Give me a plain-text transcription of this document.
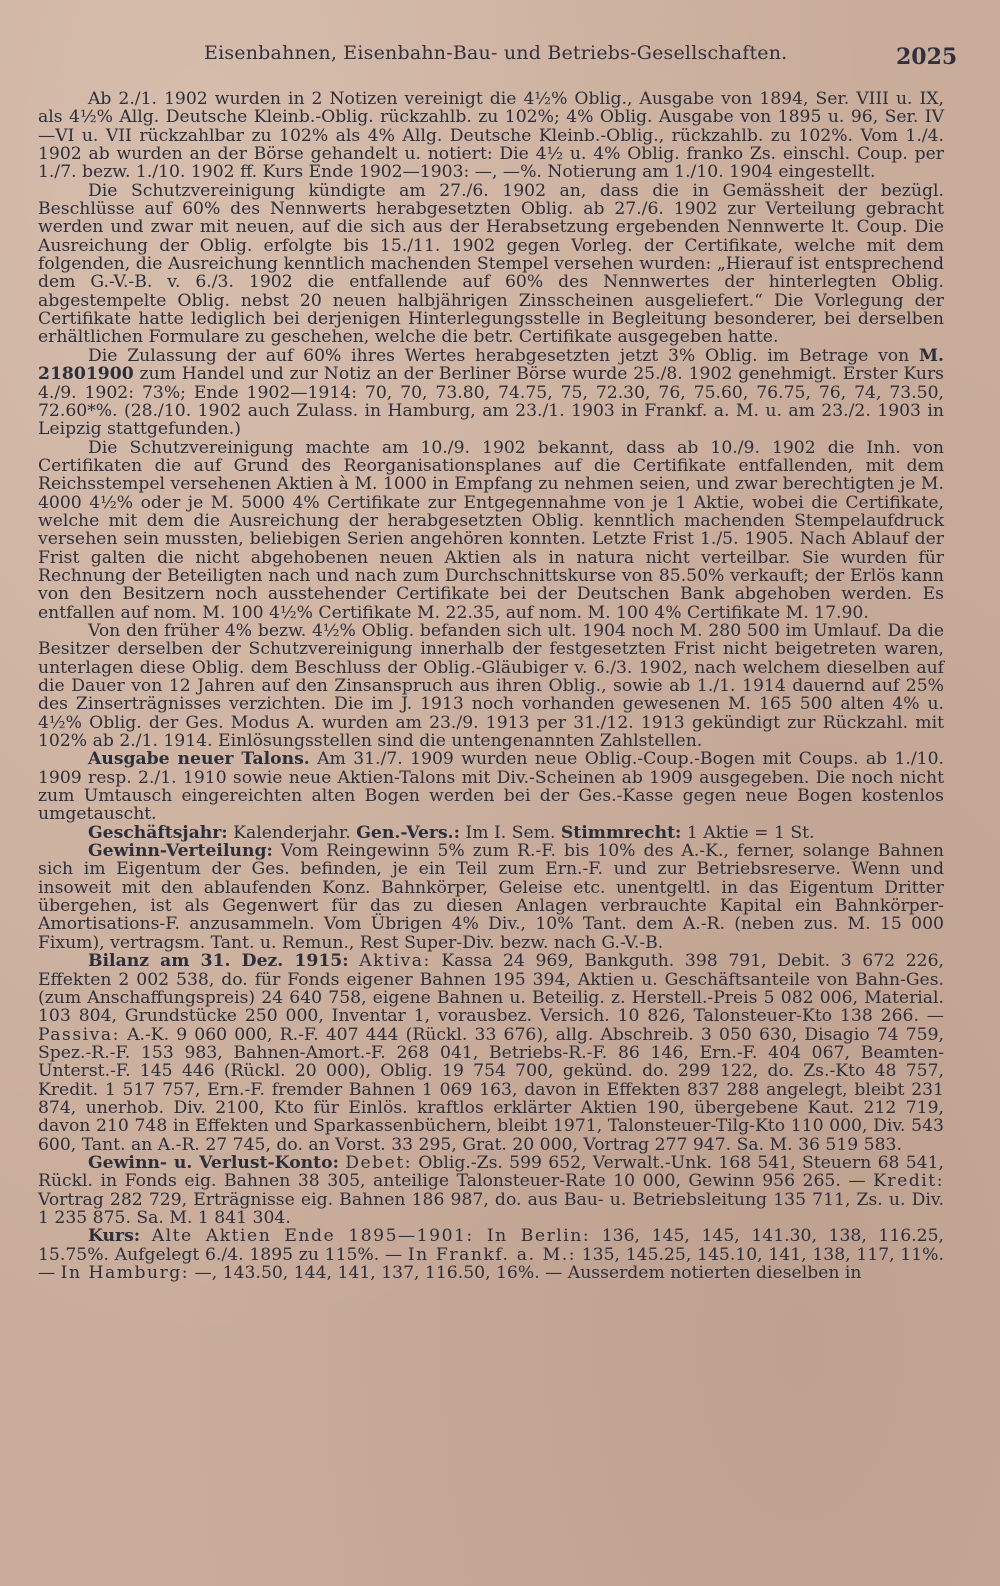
Eisenbahnen, Eisenbahn-Bau- und Betriebs-Gesellschaften.	2025

Ab 2./1. 1902 wurden in 2 Notizen vereinigt die 4½% Oblig., Ausgabe von 1894, Ser. VIII u. IX, als 4½% Allg. Deutsche Kleinb.-Oblig. rückzahlb. zu 102%; 4% Oblig. Ausgabe von 1895 u. 96, Ser. IV—VI u. VII rückzahlbar zu 102% als 4% Allg. Deutsche Kleinb.-Oblig., rückzahlb. zu 102%. Vom 1./4. 1902 ab wurden an der Börse gehandelt u. notiert: Die 4½ u. 4% Oblig. franko Zs. einschl. Coup. per 1./7. bezw. 1./10. 1902 ff. Kurs Ende 1902—1903: —, —%. Notierung am 1./10. 1904 eingestellt.

Die Schutzvereinigung kündigte am 27./6. 1902 an, dass die in Gemässheit der bezügl. Beschlüsse auf 60% des Nennwerts herabgesetzten Oblig. ab 27./6. 1902 zur Verteilung gebracht werden und zwar mit neuen, auf die sich aus der Herabsetzung ergebenden Nennwerte lt. Coup. Die Ausreichung der Oblig. erfolgte bis 15./11. 1902 gegen Vorleg. der Certifikate, welche mit dem folgenden, die Ausreichung kenntlich machenden Stempel versehen wurden: „Hierauf ist entsprechend dem G.-V.-B. v. 6./3. 1902 die entfallende auf 60% des Nennwertes der hinterlegten Oblig. abgestempelte Oblig. nebst 20 neuen halbjährigen Zinsscheinen ausgeliefert.“ Die Vorlegung der Certifikate hatte lediglich bei derjenigen Hinterlegungsstelle in Begleitung besonderer, bei derselben erhältlichen Formulare zu geschehen, welche die betr. Certifikate ausgegeben hatte.

Die Zulassung der auf 60% ihres Wertes herabgesetzten jetzt 3% Oblig. im Betrage von M. 21801900 zum Handel und zur Notiz an der Berliner Börse wurde 25./8. 1902 genehmigt. Erster Kurs 4./9. 1902: 73%; Ende 1902—1914: 70, 70, 73.80, 74.75, 75, 72.30, 76, 75.60, 76.75, 76, 74, 73.50, 72.60*%. (28./10. 1902 auch Zulass. in Hamburg, am 23./1. 1903 in Frankf. a. M. u. am 23./2. 1903 in Leipzig stattgefunden.)

Die Schutzvereinigung machte am 10./9. 1902 bekannt, dass ab 10./9. 1902 die Inh. von Certifikaten die auf Grund des Reorganisationsplanes auf die Certifikate entfallenden, mit dem Reichsstempel versehenen Aktien à M. 1000 in Empfang zu nehmen seien, und zwar berechtigten je M. 4000 4½% oder je M. 5000 4% Certifikate zur Entgegennahme von je 1 Aktie, wobei die Certifikate, welche mit dem die Ausreichung der herabgesetzten Oblig. kenntlich machenden Stempelaufdruck versehen sein mussten, beliebigen Serien angehören konnten. Letzte Frist 1./5. 1905. Nach Ablauf der Frist galten die nicht abgehobenen neuen Aktien als in natura nicht verteilbar. Sie wurden für Rechnung der Beteiligten nach und nach zum Durchschnittskurse von 85.50% verkauft; der Erlös kann von den Besitzern noch ausstehender Certifikate bei der Deutschen Bank abgehoben werden. Es entfallen auf nom. M. 100 4½% Certifikate M. 22.35, auf nom. M. 100 4% Certifikate M. 17.90.

Von den früher 4% bezw. 4½% Oblig. befanden sich ult. 1904 noch M. 280 500 im Umlauf. Da die Besitzer derselben der Schutzvereinigung innerhalb der festgesetzten Frist nicht beigetreten waren, unterlagen diese Oblig. dem Beschluss der Oblig.-Gläubiger v. 6./3. 1902, nach welchem dieselben auf die Dauer von 12 Jahren auf den Zinsanspruch aus ihren Oblig., sowie ab 1./1. 1914 dauernd auf 25% des Zinserträgnisses verzichten. Die im J. 1913 noch vorhanden gewesenen M. 165 500 alten 4% u. 4½% Oblig. der Ges. Modus A. wurden am 23./9. 1913 per 31./12. 1913 gekündigt zur Rückzahl. mit 102% ab 2./1. 1914. Einlösungsstellen sind die untengenannten Zahlstellen.

Ausgabe neuer Talons. Am 31./7. 1909 wurden neue Oblig.-Coup.-Bogen mit Coups. ab 1./10. 1909 resp. 2./1. 1910 sowie neue Aktien-Talons mit Div.-Scheinen ab 1909 ausgegeben. Die noch nicht zum Umtausch eingereichten alten Bogen werden bei der Ges.-Kasse gegen neue Bogen kostenlos umgetauscht.

Geschäftsjahr: Kalenderjahr. Gen.-Vers.: Im I. Sem. Stimmrecht: 1 Aktie = 1 St.

Gewinn-Verteilung: Vom Reingewinn 5% zum R.-F. bis 10% des A.-K., ferner, solange Bahnen sich im Eigentum der Ges. befinden, je ein Teil zum Ern.-F. und zur Betriebsreserve. Wenn und insoweit mit den ablaufenden Konz. Bahnkörper, Geleise etc. unentgeltl. in das Eigentum Dritter übergehen, ist als Gegenwert für das zu diesen Anlagen verbrauchte Kapital ein Bahnkörper-Amortisations-F. anzusammeln. Vom Übrigen 4% Div., 10% Tant. dem A.-R. (neben zus. M. 15 000 Fixum), vertragsm. Tant. u. Remun., Rest Super-Div. bezw. nach G.-V.-B.

Bilanz am 31. Dez. 1915: Aktiva: Kassa 24 969, Bankguth. 398 791, Debit. 3 672 226, Effekten 2 002 538, do. für Fonds eigener Bahnen 195 394, Aktien u. Geschäftsanteile von Bahn-Ges. (zum Anschaffungspreis) 24 640 758, eigene Bahnen u. Beteilig. z. Herstell.-Preis 5 082 006, Material. 103 804, Grundstücke 250 000, Inventar 1, vorausbez. Versich. 10 826, Talonsteuer-Kto 138 266. — Passiva: A.-K. 9 060 000, R.-F. 407 444 (Rückl. 33 676), allg. Abschreib. 3 050 630, Disagio 74 759, Spez.-R.-F. 153 983, Bahnen-Amort.-F. 268 041, Betriebs-R.-F. 86 146, Ern.-F. 404 067, Beamten-Unterst.-F. 145 446 (Rückl. 20 000), Oblig. 19 754 700, gekünd. do. 299 122, do. Zs.-Kto 48 757, Kredit. 1 517 757, Ern.-F. fremder Bahnen 1 069 163, davon in Effekten 837 288 angelegt, bleibt 231 874, unerhob. Div. 2100, Kto für Einlös. kraftlos erklärter Aktien 190, übergebene Kaut. 212 719, davon 210 748 in Effekten und Sparkassenbüchern, bleibt 1971, Talonsteuer-Tilg-Kto 110 000, Div. 543 600, Tant. an A.-R. 27 745, do. an Vorst. 33 295, Grat. 20 000, Vortrag 277 947. Sa. M. 36 519 583.

Gewinn- u. Verlust-Konto: Debet: Oblig.-Zs. 599 652, Verwalt.-Unk. 168 541, Steuern 68 541, Rückl. in Fonds eig. Bahnen 38 305, anteilige Talonsteuer-Rate 10 000, Gewinn 956 265. — Kredit: Vortrag 282 729, Erträgnisse eig. Bahnen 186 987, do. aus Bau- u. Betriebsleitung 135 711, Zs. u. Div. 1 235 875. Sa. M. 1 841 304.

Kurs: Alte Aktien Ende 1895—1901: In Berlin: 136, 145, 145, 141.30, 138, 116.25, 15.75%. Aufgelegt 6./4. 1895 zu 115%. — In Frankf. a. M.: 135, 145.25, 145.10, 141, 138, 117, 11%. — In Hamburg: —, 143.50, 144, 141, 137, 116.50, 16%. — Ausserdem notierten dieselben in
